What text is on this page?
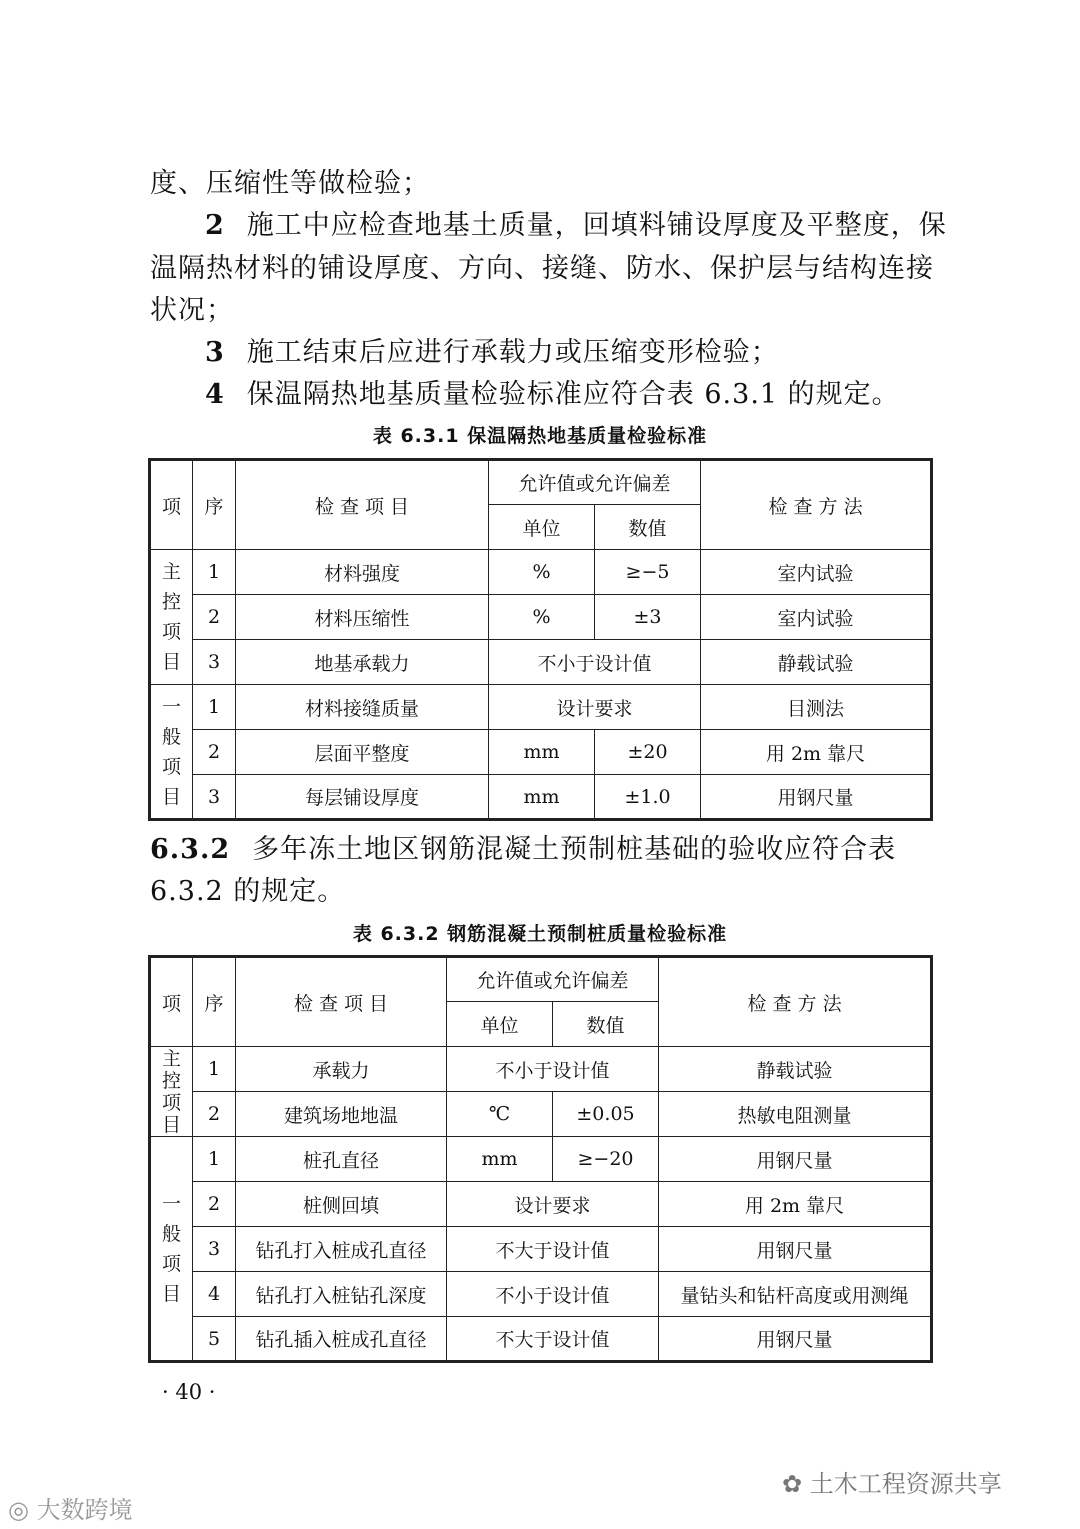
度、压缩性等做检验；
2 施工中应检查地基土质量，回填料铺设厚度及平整度，保
温隔热材料的铺设厚度、方向、接缝、防水、保护层与结构连接
状况；
3 施工结束后应进行承载力或压缩变形检验；
4 保温隔热地基质量检验标准应符合表 6.3.1 的规定。
表 6.3.1 保温隔热地基质量检验标准
项	序	检 查 项 目	允许值或允许偏差		检 查 方 法
			单位	数值	

主
控
项
目	1	材料强度	%	≥−5	室内试验
	2	材料压缩性	%	±3	室内试验
	3	地基承载力	不小于设计值		静载试验

一
般
项
目	1	材料接缝质量	设计要求		目测法
	2	层面平整度	mm	±20	用 2m 靠尺
	3	每层铺设厚度	mm	±1.0	用钢尺量
6.3.2 多年冻土地区钢筋混凝土预制桩基础的验收应符合表
6.3.2 的规定。
表 6.3.2 钢筋混凝土预制桩质量检验标准
项	序	检 查 项 目	允许值或允许偏差		检 查 方 法
			单位	数值	

主
控
项
目	1	承载力	不小于设计值		静载试验
	2	建筑场地地温	℃	±0.05	热敏电阻测量

一
般
项
目	1	桩孔直径	mm	≥−20	用钢尺量
	2	桩侧回填	设计要求		用 2m 靠尺
	3	钻孔打入桩成孔直径	不大于设计值		用钢尺量
	4	钻孔打入桩钻孔深度	不小于设计值		量钻头和钻杆高度或用测绳
	5	钻孔插入桩成孔直径	不大于设计值		用钢尺量
· 40 ·
✿ 土木工程资源共享
◎ 大数跨境
